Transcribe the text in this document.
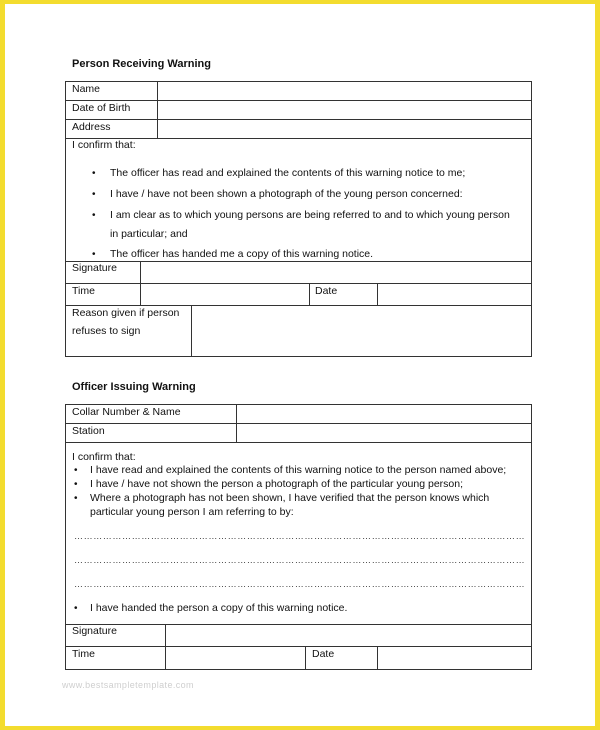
Person Receiving Warning
Name
Date of Birth
Address
I confirm that:
• The officer has read and explained the contents of this warning notice to me;
• I have / have not been shown a photograph of the young person concerned:
• I am clear as to which young persons are being referred to and to which young person
in particular; and
• The officer has handed me a copy of this warning notice.
Signature
Time	Date
Reason given if person
refuses to sign
Officer Issuing Warning
Collar Number & Name
Station
I confirm that:
• I have read and explained the contents of this warning notice to the person named above;
• I have / have not shown the person a photograph of the particular young person;
• Where a photograph has not been shown, I have verified that the person knows which
particular young person I am referring to by:
……………………………………………………………………………………………………………………………
……………………………………………………………………………………………………………………………
……………………………………………………………………………………………………………………………
• I have handed the person a copy of this warning notice.
Signature
Time	Date
www.bestsampletemplate.com
